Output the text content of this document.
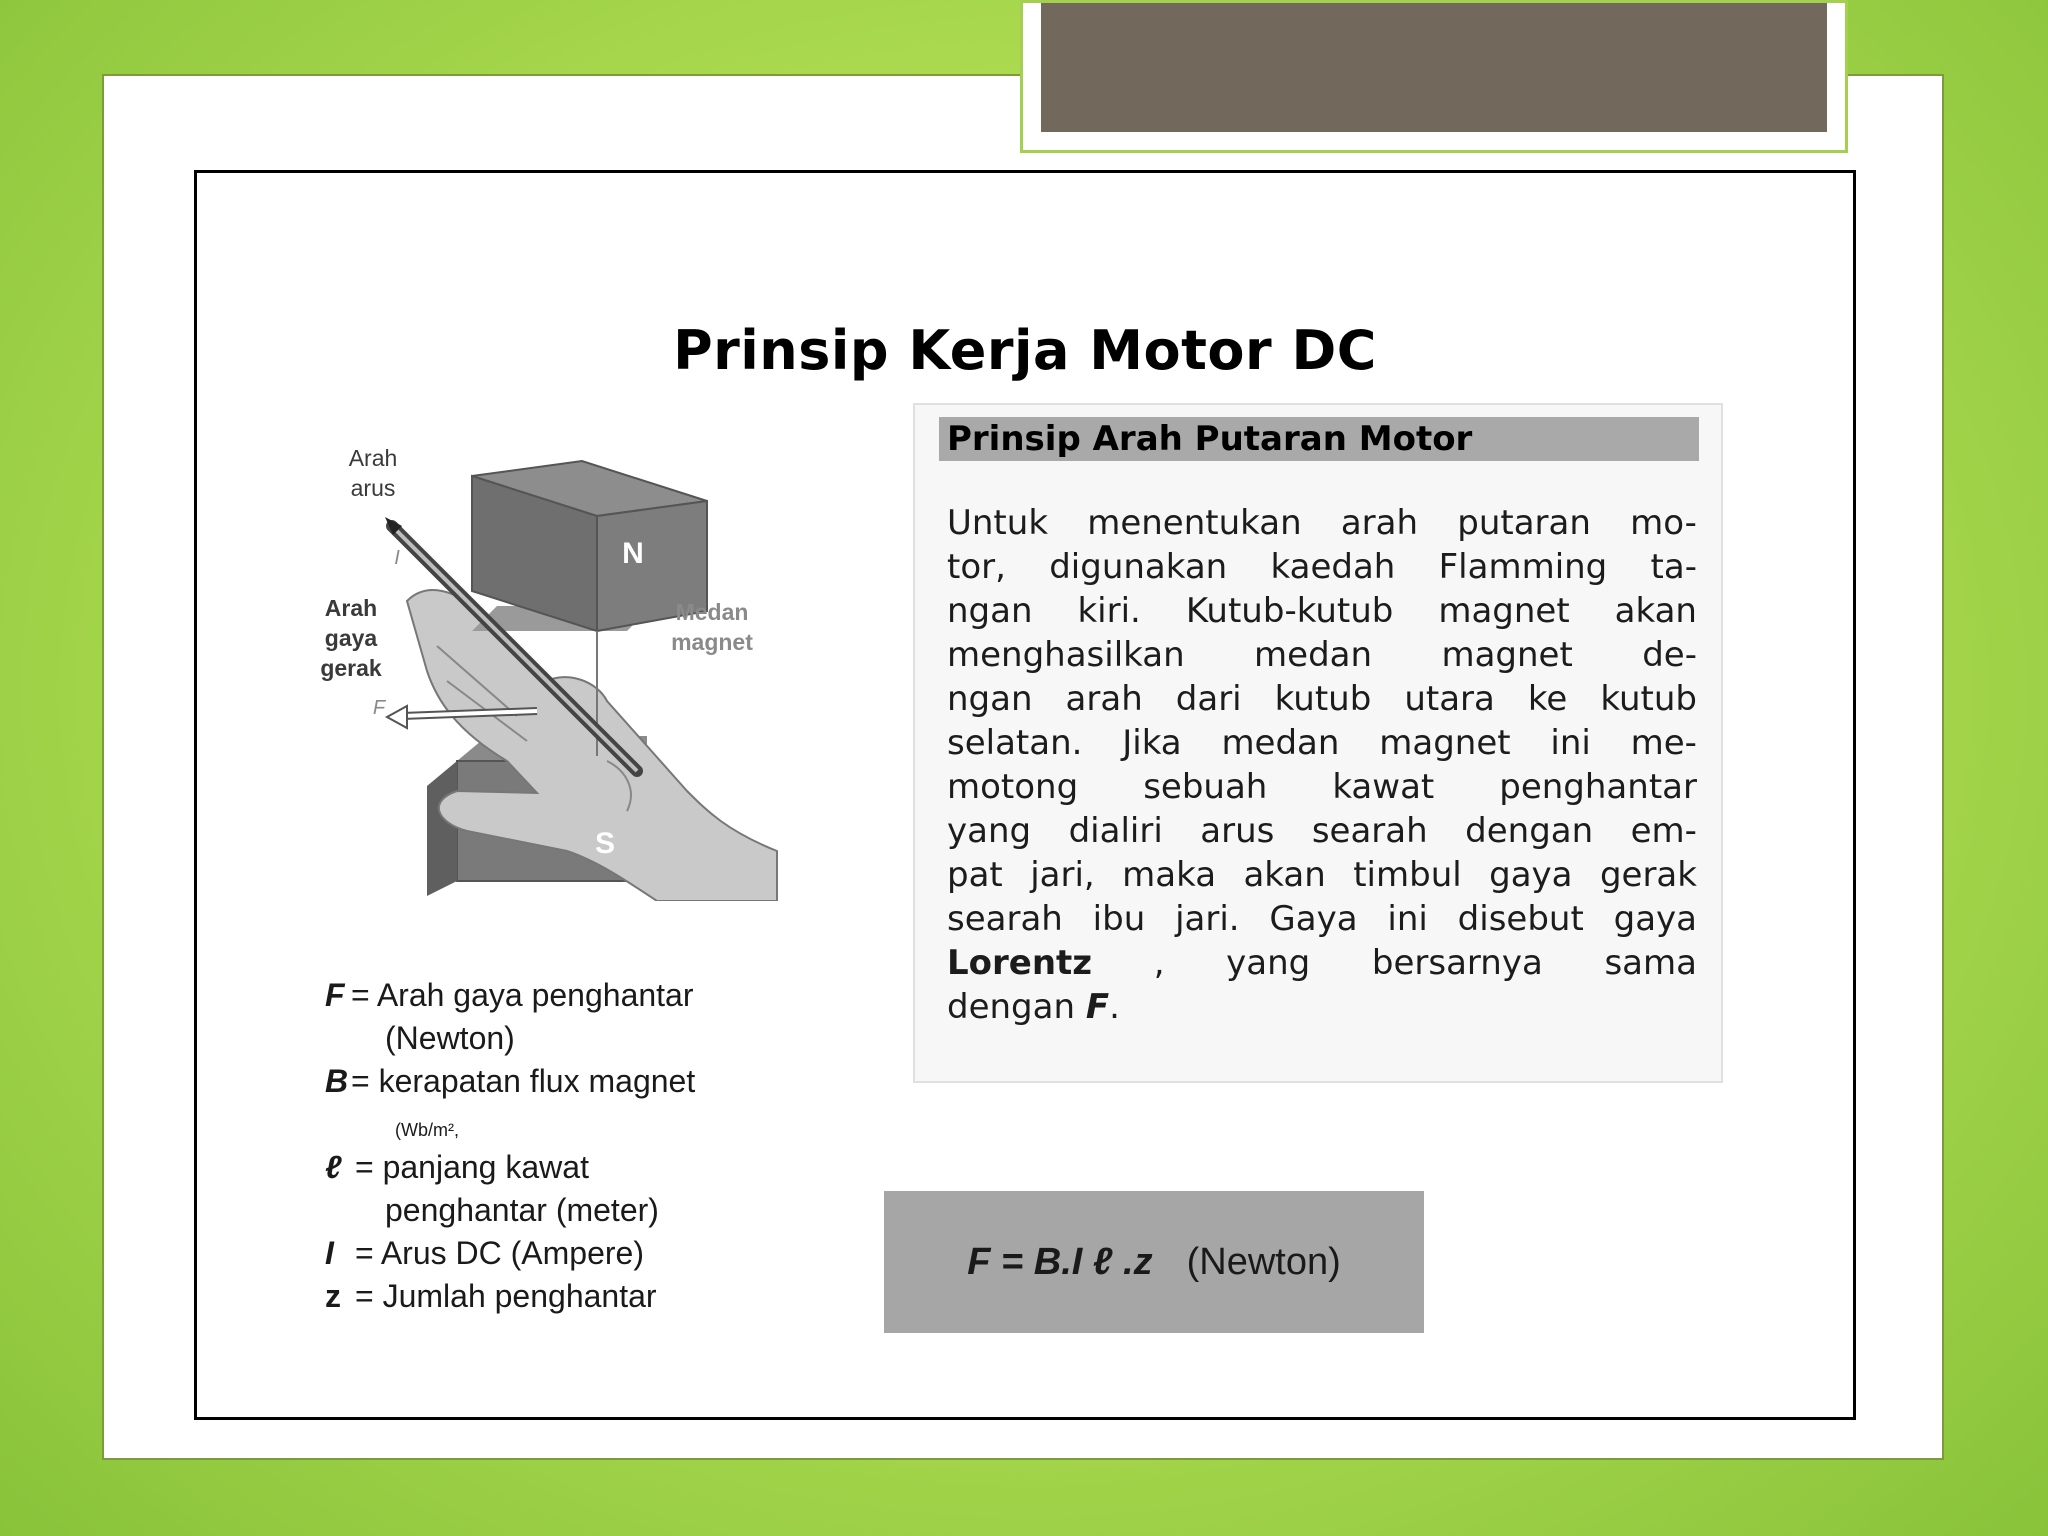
Prinsip Kerja Motor DC
Arah
arus
Arah
gaya
gerak
Medan
magnet
N
S
I
F
F = Arah gaya penghantar
(Newton)
B = kerapatan flux magnet
(Wb/m²,
ℓ = panjang kawat
penghantar (meter)
I = Arus DC (Ampere)
z = Jumlah penghantar
Prinsip Arah Putaran Motor
Untuk menentukan arah putaran mo-
tor, digunakan kaedah Flamming ta-
ngan kiri. Kutub-kutub magnet akan
menghasilkan medan magnet de-
ngan arah dari kutub utara ke kutub
selatan. Jika medan magnet ini me-
motong sebuah kawat penghantar
yang dialiri arus searah dengan em-
pat jari, maka akan timbul gaya gerak
searah ibu jari. Gaya ini disebut gaya
Lorentz , yang bersarnya sama
dengan
F .
F = B.I ℓ .z (Newton)
